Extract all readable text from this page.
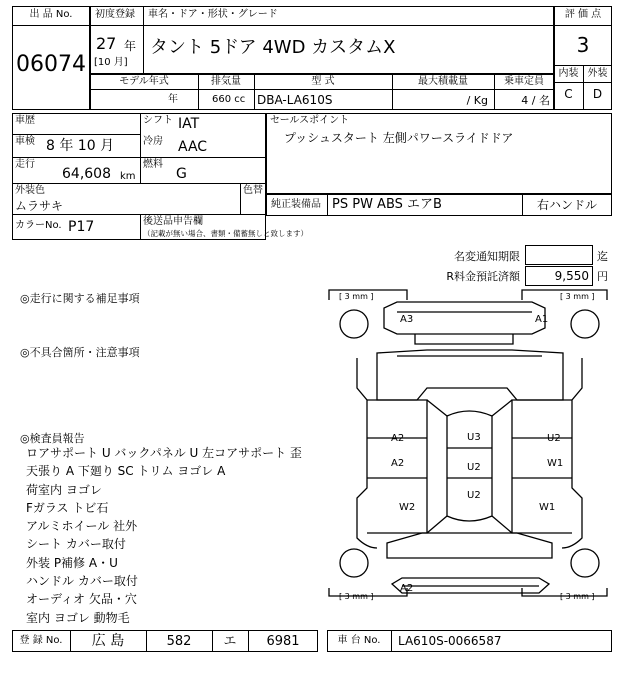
出 品 No.
06074
初度登録 車名・ドア・形状・グレード
27 年
[10 月]
タント 5ドア 4WD カスタムX
評 価 点
3
内装 外装
C	D
モデル年式	排気量	型 式	最大積載量	乗車定員
年	660 cc DBA-LA610S	/ Kg	4 / 名
車歴
車検 8 年 10 月
走行
64,608 km
シフト IAT
冷房 AAC
燃料
G
外装色
ムラサキ
色替
カラーNo. P17	後送品申告欄
（記載が無い場合、書類・備蓄無しと致します）
セールスポイント
プッシュスタート 左側パワースライドドア
純正装備品 PS PW ABS エアB	右ハンドル
名変通知期限	迄
R料金預託済額	9,550 円
◎走行に関する補足事項
◎不具合箇所・注意事項
◎検査員報告
ロアサポート U バックパネル U 左コアサポート 歪
天張り A 下廻り SC トリム ヨゴレ A
荷室内 ヨゴレ
Fガラス トビ石
アルミホイール 社外
シート カバー取付
外装 P補修 A・U
ハンドル カバー取付
オーディオ 欠品・穴
室内 ヨゴレ 動物毛
[ 3 mm ]	[ 3 mm ]
[ 3 mm ]	[ 3 mm ]
A3	A1
A2
A2
U3
U2
U2
U2
W1
W2	W1
A2
登 録 No.	広 島	582	エ	6981	車 台 No.	LA610S-0066587
